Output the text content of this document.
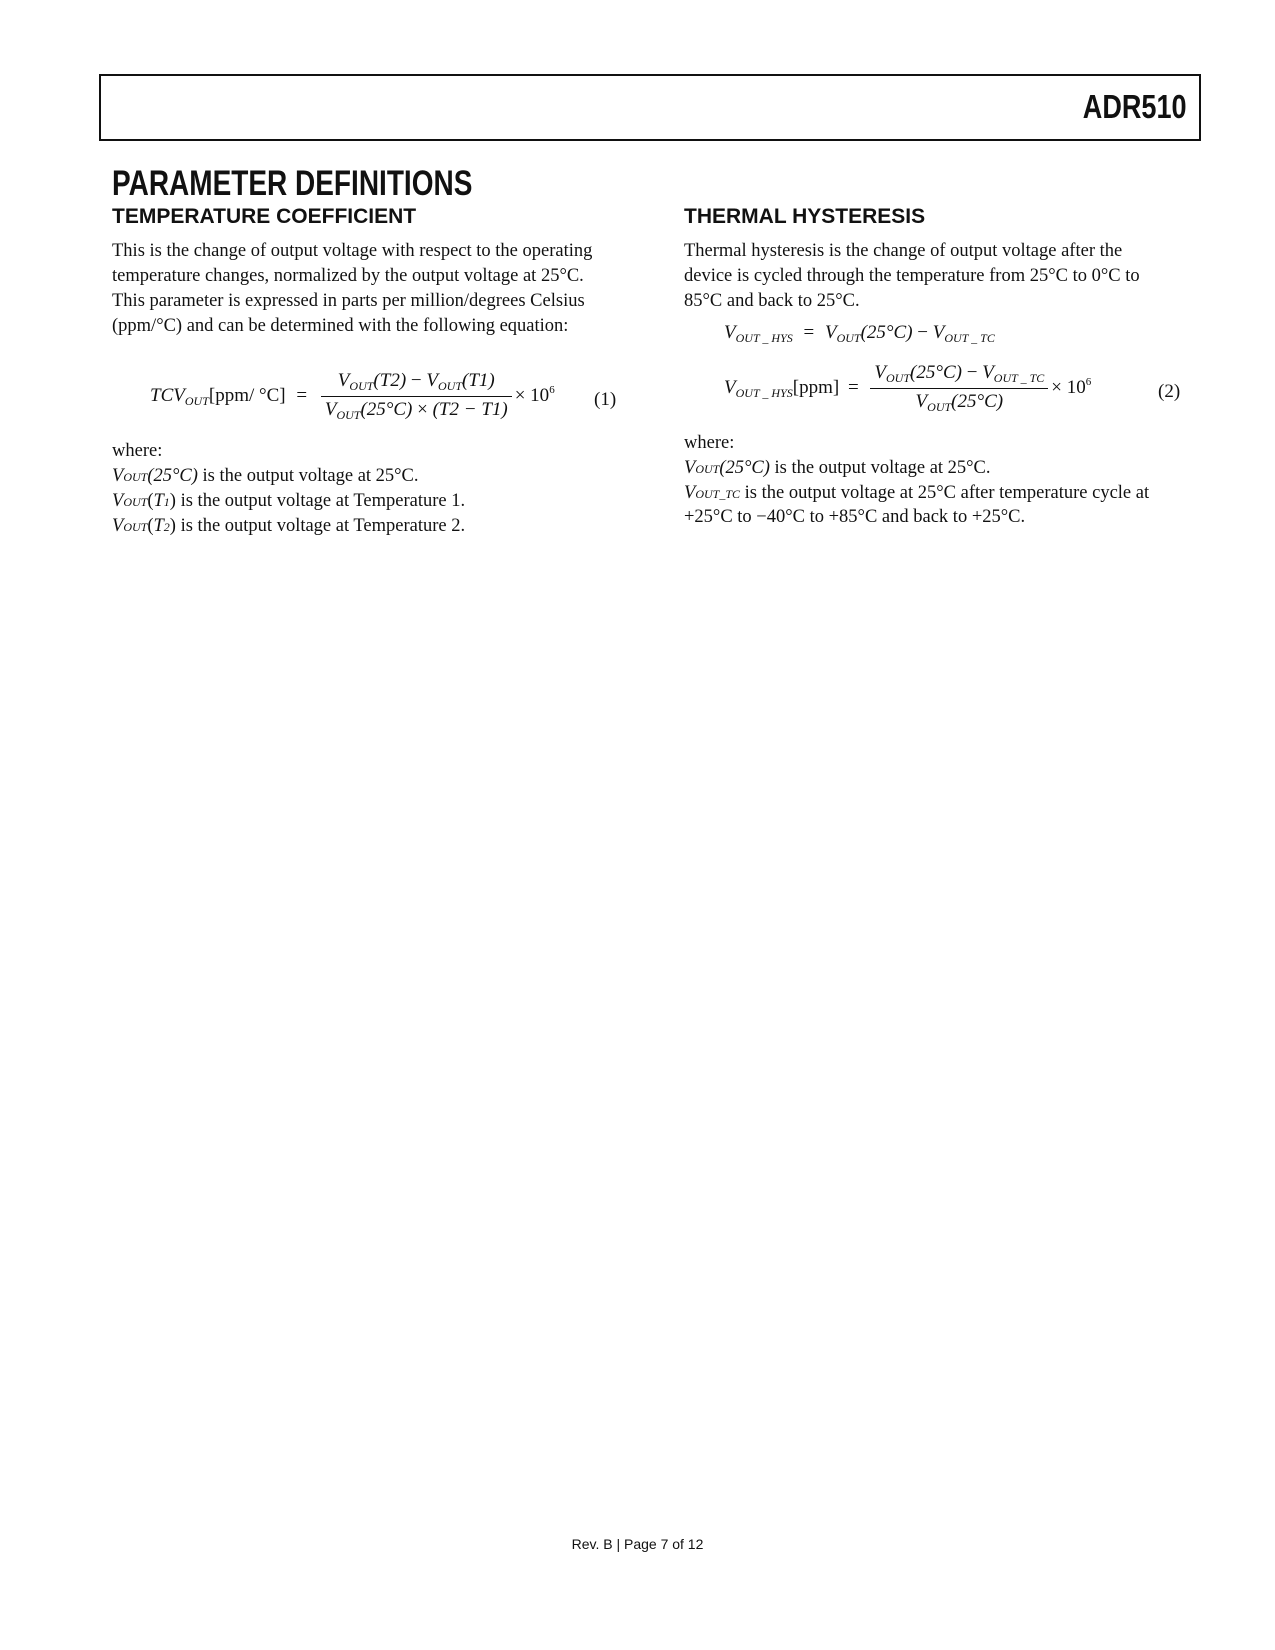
ADR510
PARAMETER DEFINITIONS
TEMPERATURE COEFFICIENT

This is the change of output voltage with respect to the operating temperature changes, normalized by the output voltage at 25°C. This parameter is expressed in parts per million/degrees Celsius (ppm/°C) and can be determined with the following equation:

$TCV_{OUT}[ppm/$ $^\circ C] = \frac{V_{OUT}(T2) - V_{OUT}(T1)}{V_{OUT}(25^\circ C) \times (T2 - T1)} \times 10^6$ (1)
where:
VOUT(25°C) is the output voltage at 25°C.
VOUT(T1) is the output voltage at Temperature 1.
VOUT(T2) is the output voltage at Temperature 2.
THERMAL HYSTERESIS

Thermal hysteresis is the change of output voltage after the device is cycled through the temperature from 25°C to 0°C to 85°C and back to 25°C.

$V_{OUT \_ HYS} = V_{OUT}(25^\circ C) - V_{OUT \_ TC}$
$V_{OUT \_ HYS}[ppm] = \frac{V_{OUT}(25^\circ C) - V_{OUT \_ TC}}{V_{OUT}(25^\circ C)} \times 10^6$	(2)
where:
VOUT(25°C) is the output voltage at 25°C.
VOUT_TC is the output voltage at 25°C after temperature cycle at
+25°C to −40°C to +85°C and back to +25°C.
Rev. B | Page 7 of 12
